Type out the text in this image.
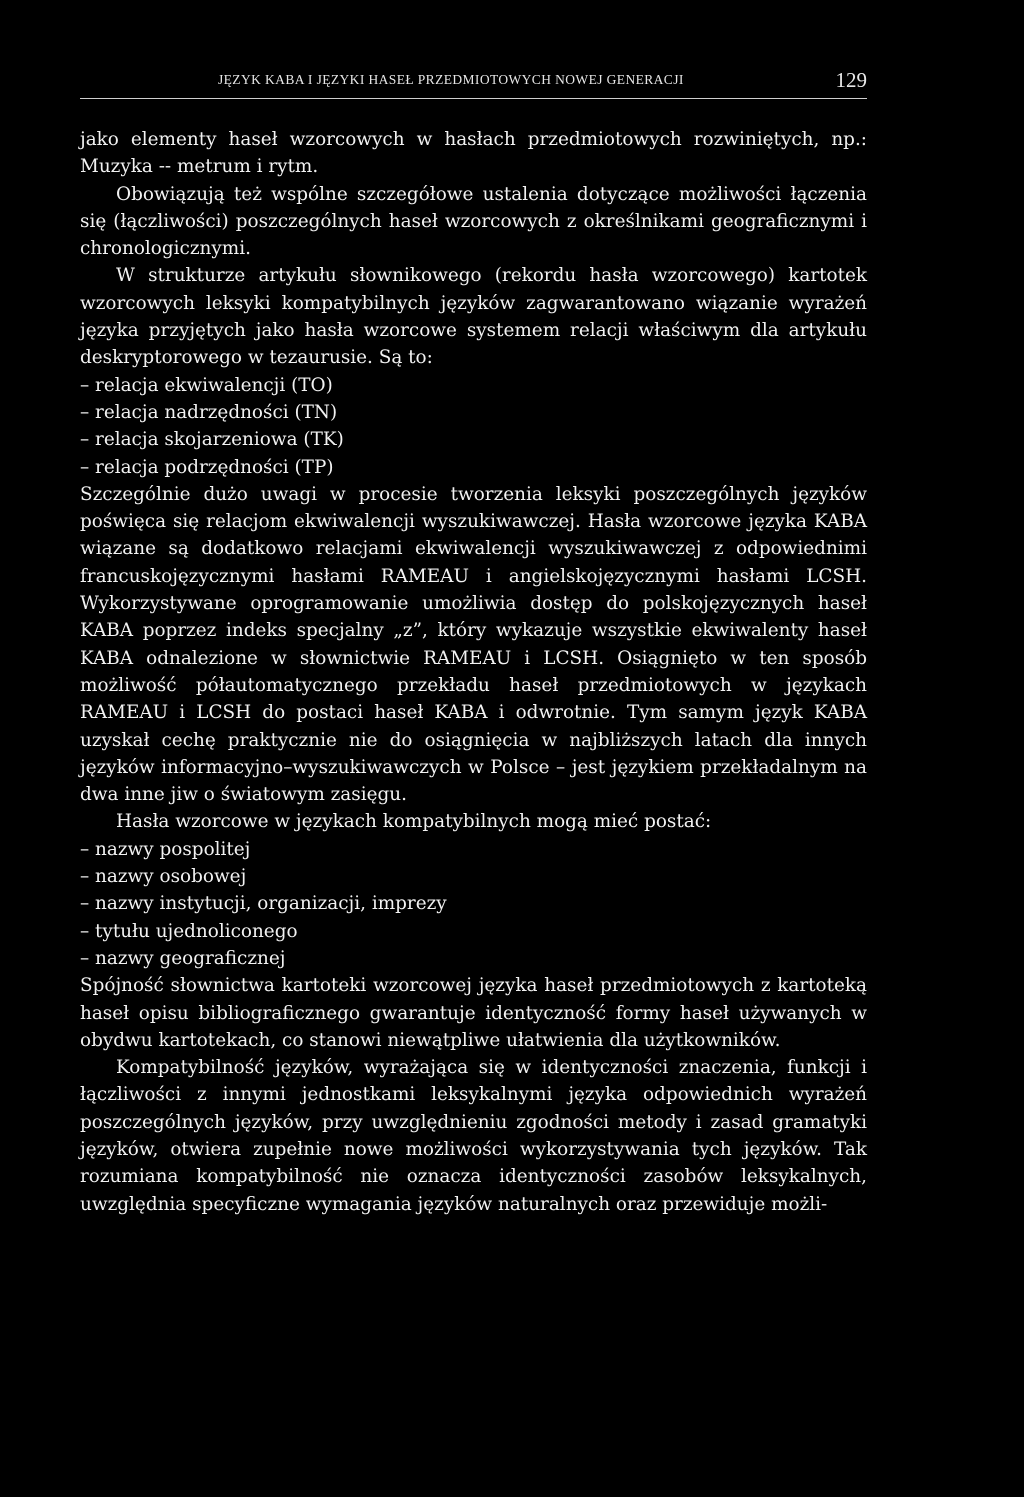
JĘZYK KABA I JĘZYKI HASEŁ PRZEDMIOTOWYCH NOWEJ GENERACJI	129

jako elementy haseł wzorcowych w hasłach przedmiotowych rozwiniętych, np.: Muzyka -- metrum i rytm.

Obowiązują też wspólne szczegółowe ustalenia dotyczące możliwości łączenia się (łączliwości) poszczególnych haseł wzorcowych z określnikami geograficznymi i chronologicznymi.

W strukturze artykułu słownikowego (rekordu hasła wzorcowego) kartotek wzorcowych leksyki kompatybilnych języków zagwarantowano wiązanie wyrażeń języka przyjętych jako hasła wzorcowe systemem relacji właściwym dla artykułu deskryptorowego w tezaurusie. Są to:

– relacja ekwiwalencji (TO)

– relacja nadrzędności (TN)

– relacja skojarzeniowa (TK)

– relacja podrzędności (TP)

Szczególnie dużo uwagi w procesie tworzenia leksyki poszczególnych języków poświęca się relacjom ekwiwalencji wyszukiwawczej. Hasła wzorcowe języka KABA wiązane są dodatkowo relacjami ekwiwalencji wyszukiwawczej z odpowiednimi francuskojęzycznymi hasłami RAMEAU i angielskojęzycznymi hasłami LCSH. Wykorzystywane oprogramowanie umożliwia dostęp do polskojęzycznych haseł KABA poprzez indeks specjalny „z”, który wykazuje wszystkie ekwiwalenty haseł KABA odnalezione w słownictwie RAMEAU i LCSH. Osiągnięto w ten sposób możliwość półautomatycznego przekładu haseł przedmiotowych w językach RAMEAU i LCSH do postaci haseł KABA i odwrotnie. Tym samym język KABA uzyskał cechę praktycznie nie do osiągnięcia w najbliższych latach dla innych języków informacyjno–wyszukiwawczych w Polsce – jest językiem przekładalnym na dwa inne jiw o światowym zasięgu.

Hasła wzorcowe w językach kompatybilnych mogą mieć postać:

– nazwy pospolitej

– nazwy osobowej

– nazwy instytucji, organizacji, imprezy

– tytułu ujednoliconego

– nazwy geograficznej

Spójność słownictwa kartoteki wzorcowej języka haseł przedmiotowych z kartoteką haseł opisu bibliograficznego gwarantuje identyczność formy haseł używanych w obydwu kartotekach, co stanowi niewątpliwe ułatwienia dla użytkowników.

Kompatybilność języków, wyrażająca się w identyczności znaczenia, funkcji i łączliwości z innymi jednostkami leksykalnymi języka odpowiednich wyrażeń poszczególnych języków, przy uwzględnieniu zgodności metody i zasad gramatyki języków, otwiera zupełnie nowe możliwości wykorzystywania tych języków. Tak rozumiana kompatybilność nie oznacza identyczności zasobów leksykalnych, uwzględnia specyficzne wymagania języków naturalnych oraz przewiduje możli-
